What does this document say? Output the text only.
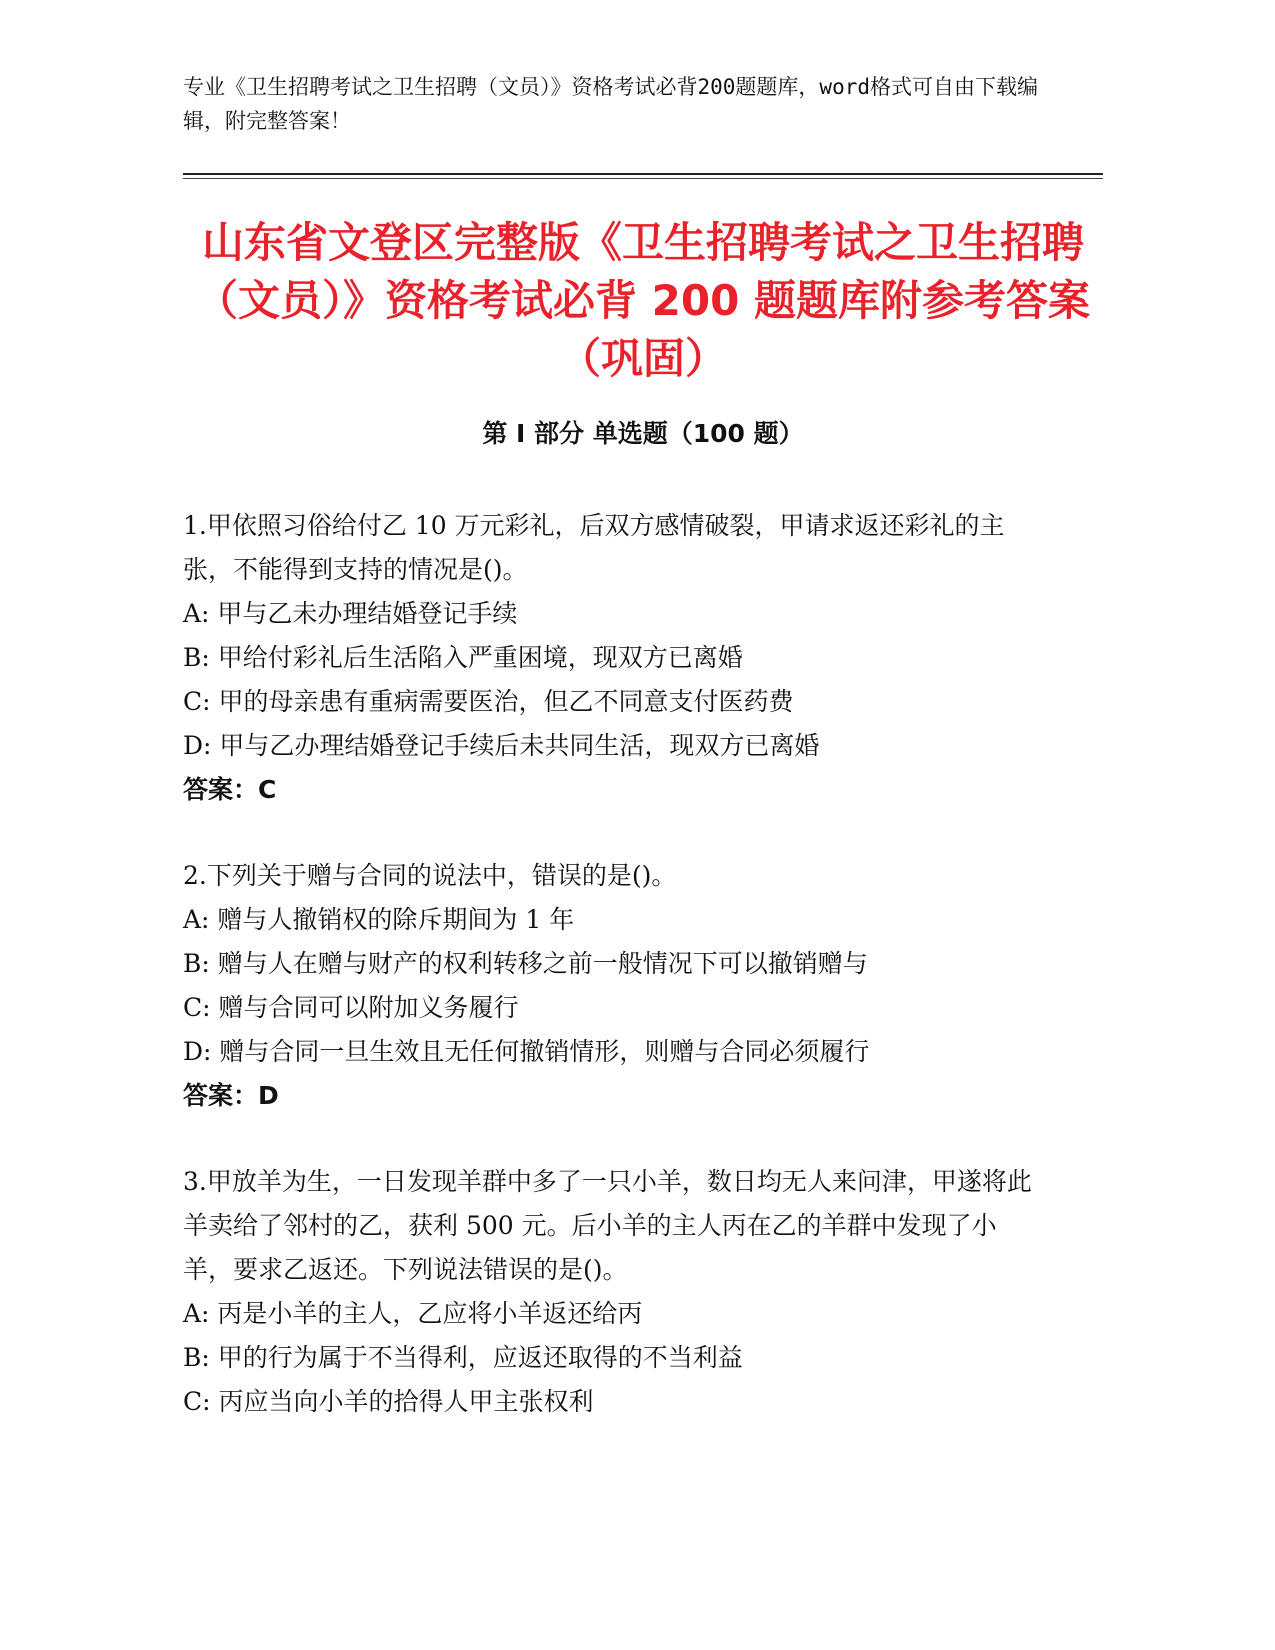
专业《卫生招聘考试之卫生招聘（文员）》资格考试必背200题题库，word格式可自由下载编辑，附完整答案！
山东省文登区完整版《卫生招聘考试之卫生招聘（文员）》资格考试必背 200 题题库附参考答案（巩固）
第 I 部分 单选题（100 题）

1.甲依照习俗给付乙 10 万元彩礼，后双方感情破裂，甲请求返还彩礼的主张，不能得到支持的情况是()。

A: 甲与乙未办理结婚登记手续

B: 甲给付彩礼后生活陷入严重困境，现双方已离婚

C: 甲的母亲患有重病需要医治，但乙不同意支付医药费

D: 甲与乙办理结婚登记手续后未共同生活，现双方已离婚

答案：C

2.下列关于赠与合同的说法中，错误的是()。

A: 赠与人撤销权的除斥期间为 1 年

B: 赠与人在赠与财产的权利转移之前一般情况下可以撤销赠与

C: 赠与合同可以附加义务履行

D: 赠与合同一旦生效且无任何撤销情形，则赠与合同必须履行

答案：D

3.甲放羊为生，一日发现羊群中多了一只小羊，数日均无人来问津，甲遂将此羊卖给了邻村的乙，获利 500 元。后小羊的主人丙在乙的羊群中发现了小羊，要求乙返还。下列说法错误的是()。

A: 丙是小羊的主人，乙应将小羊返还给丙

B: 甲的行为属于不当得利，应返还取得的不当利益

C: 丙应当向小羊的拾得人甲主张权利
